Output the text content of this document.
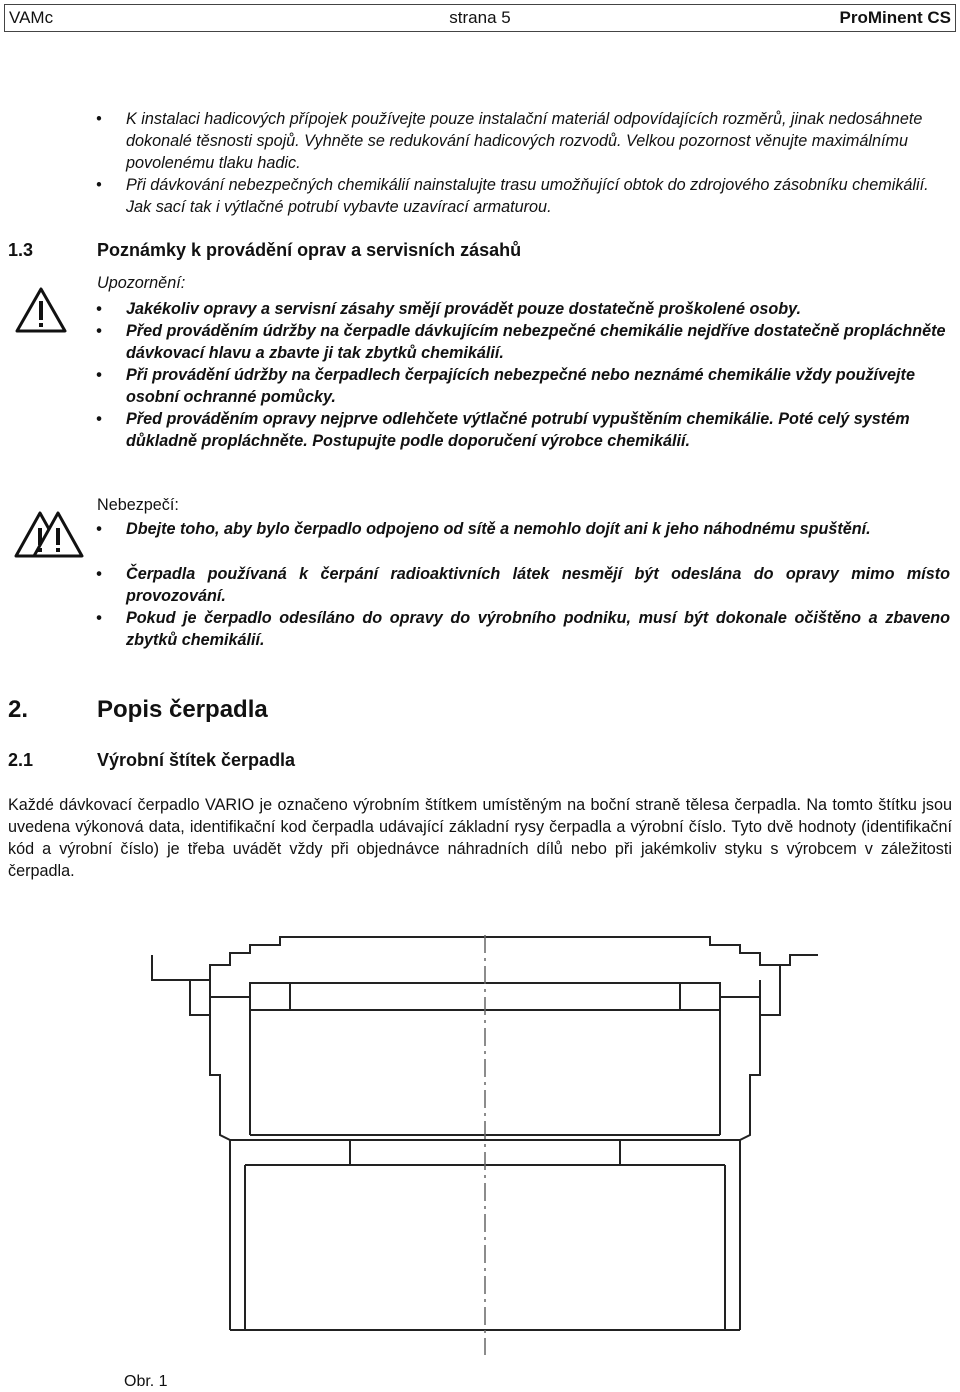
VAMc	strana 5	ProMinent CS
• K instalaci hadicových přípojek používejte pouze instalační materiál odpovídajících rozměrů, jinak nedosáhnete dokonalé těsnosti spojů. Vyhněte se redukování hadicových rozvodů. Velkou pozornost věnujte maximálnímu povolenému tlaku hadic.
• Při dávkování nebezpečných chemikálií nainstalujte trasu umožňující obtok do zdrojového zásobníku chemikálií. Jak sací tak i výtlačné potrubí vybavte uzavírací armaturou.
1.3	Poznámky k provádění oprav a servisních zásahů
Upozornění:
• Jakékoliv opravy a servisní zásahy smějí provádět pouze dostatečně proškolené osoby.
• Před prováděním údržby na čerpadle dávkujícím nebezpečné chemikálie nejdříve dostatečně propláchněte dávkovací hlavu a zbavte ji tak zbytků chemikálií.
• Při provádění údržby na čerpadlech čerpajících nebezpečné nebo neznámé chemikálie vždy používejte osobní ochranné pomůcky.
• Před prováděním opravy nejprve odlehčete výtlačné potrubí vypuštěním chemikálie. Poté celý systém důkladně propláchněte. Postupujte podle doporučení výrobce chemikálií.
Nebezpečí:
• Dbejte toho, aby bylo čerpadlo odpojeno od sítě a nemohlo dojít ani k jeho náhodnému spuštění.
• Čerpadla používaná k čerpání radioaktivních látek nesmějí být odeslána do opravy mimo místo provozování.
• Pokud je čerpadlo odesíláno do opravy do výrobního podniku, musí být dokonale očištěno a zbaveno zbytků chemikálií.
2.	Popis čerpadla
2.1	Výrobní štítek čerpadla
Každé dávkovací čerpadlo VARIO je označeno výrobním štítkem umístěným na boční straně tělesa čerpadla. Na tomto štítku jsou uvedena výkonová data, identifikační kod čerpadla udávající základní rysy čerpadla a výrobní číslo. Tyto dvě hodnoty (identifikační kód a výrobní číslo) je třeba uvádět vždy při objednávce náhradních dílů nebo při jakémkoliv styku s výrobcem v záležitosti čerpadla.
Obr. 1
